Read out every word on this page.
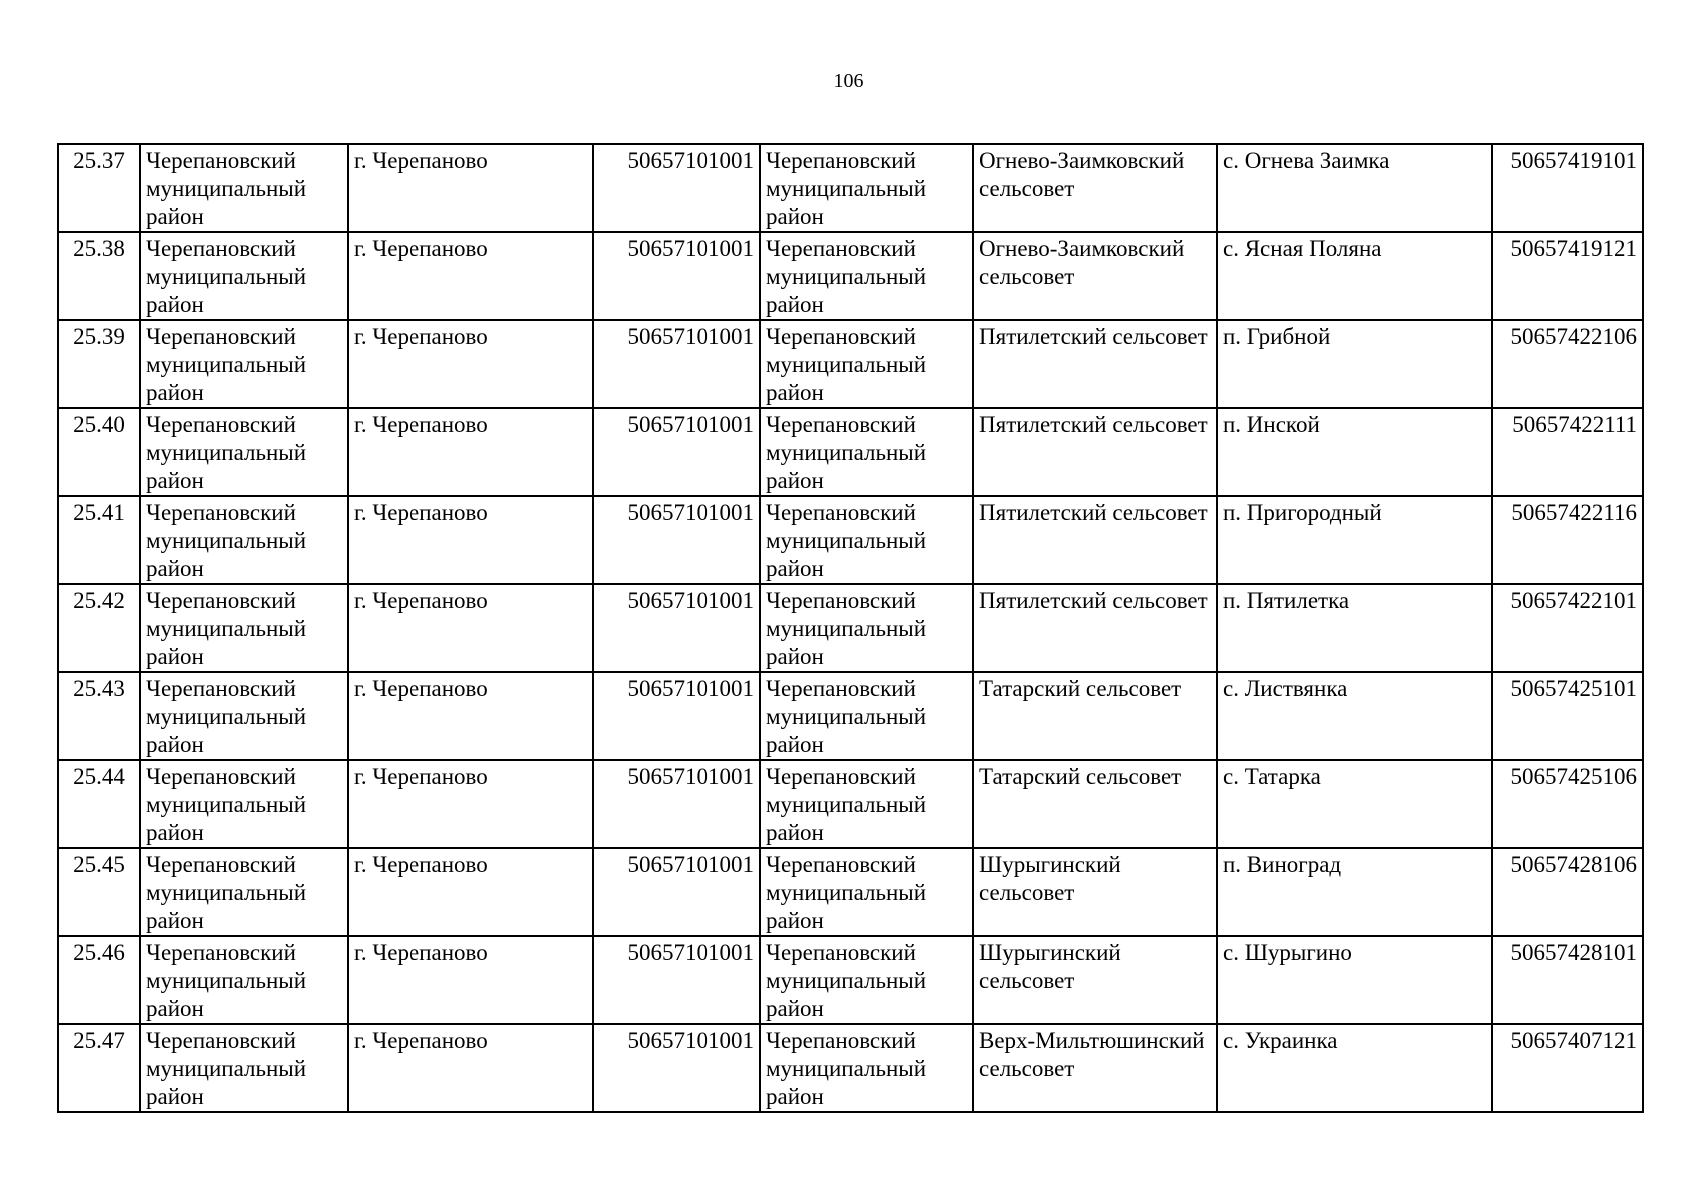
106
25.37	Черепановский муниципальный район	г. Черепаново	50657101001	Черепановский муниципальный район	Огнево-Заимковский сельсовет	с. Огнева Заимка	50657419101
25.38	Черепановский муниципальный район	г. Черепаново	50657101001	Черепановский муниципальный район	Огнево-Заимковский сельсовет	с. Ясная Поляна	50657419121
25.39	Черепановский муниципальный район	г. Черепаново	50657101001	Черепановский муниципальный район	Пятилетский сельсовет	п. Грибной	50657422106
25.40	Черепановский муниципальный район	г. Черепаново	50657101001	Черепановский муниципальный район	Пятилетский сельсовет	п. Инской	50657422111
25.41	Черепановский муниципальный район	г. Черепаново	50657101001	Черепановский муниципальный район	Пятилетский сельсовет	п. Пригородный	50657422116
25.42	Черепановский муниципальный район	г. Черепаново	50657101001	Черепановский муниципальный район	Пятилетский сельсовет	п. Пятилетка	50657422101
25.43	Черепановский муниципальный район	г. Черепаново	50657101001	Черепановский муниципальный район	Татарский сельсовет	с. Листвянка	50657425101
25.44	Черепановский муниципальный район	г. Черепаново	50657101001	Черепановский муниципальный район	Татарский сельсовет	с. Татарка	50657425106
25.45	Черепановский муниципальный район	г. Черепаново	50657101001	Черепановский муниципальный район	Шурыгинский сельсовет	п. Виноград	50657428106
25.46	Черепановский муниципальный район	г. Черепаново	50657101001	Черепановский муниципальный район	Шурыгинский сельсовет	с. Шурыгино	50657428101
25.47	Черепановский муниципальный район	г. Черепаново	50657101001	Черепановский муниципальный район	Верх-Мильтюшинский сельсовет	с. Украинка	50657407121
